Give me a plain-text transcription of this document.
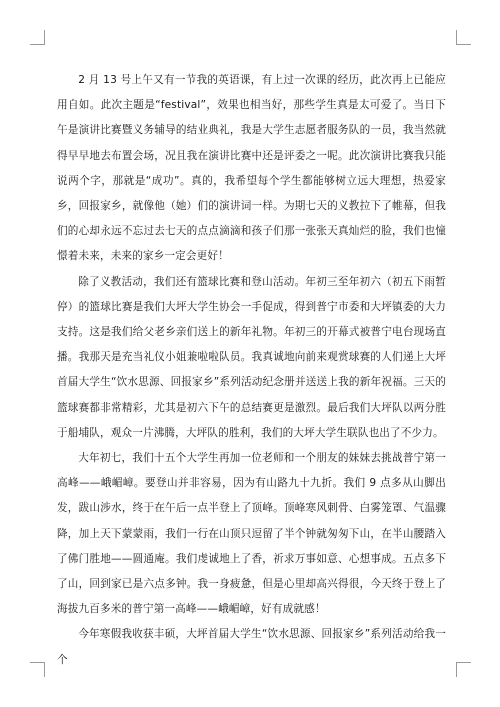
2 月 13 号上午又有一节我的英语课，有上过一次课的经历，此次再上已能应用自如。此次主题是“festival”，效果也相当好，那些学生真是太可爱了。当日下午是演讲比赛暨义务辅导的结业典礼，我是大学生志愿者服务队的一员，我当然就得早早地去布置会场，况且我在演讲比赛中还是评委之一呢。此次演讲比赛我只能说两个字，那就是“成功”。真的，我希望每个学生都能够树立远大理想，热爱家乡，回报家乡，就像他（她）们的演讲词一样。为期七天的义教拉下了帷幕，但我们的心却永远不忘过去七天的点点滴滴和孩子们那一张张天真灿烂的脸，我们也憧憬着未来，未来的家乡一定会更好！

除了义教活动，我们还有篮球比赛和登山活动。年初三至年初六（初五下雨暂停）的篮球比赛是我们大坪大学生协会一手促成，得到普宁市委和大坪镇委的大力支持。这是我们给父老乡亲们送上的新年礼物。年初三的开幕式被普宁电台现场直播。我那天是充当礼仪小姐兼啦啦队员。我真诚地向前来观赏球赛的人们递上大坪首届大学生“饮水思源、回报家乡”系列活动纪念册并送送上我的新年祝福。三天的篮球赛都非常精彩，尤其是初六下午的总结赛更是激烈。最后我们大坪队以两分胜于船埔队，观众一片沸腾，大坪队的胜利，我们的大坪大学生联队也出了不少力。

大年初七，我们十五个大学生再加一位老师和一个朋友的妹妹去挑战普宁第一高峰——峨嵋嶂。要登山并非容易，因为有山路九十九折。我们 9 点多从山脚出发，跋山涉水，终于在午后一点半登上了顶峰。顶峰寒风刺骨、白雾笼罩、气温骤降，加上天下蒙蒙雨，我们一行在山顶只逗留了半个钟就匆匆下山，在半山腰踏入了佛门胜地——圆通庵。我们虔诚地上了香，祈求万事如意、心想事成。五点多下了山，回到家已是六点多钟。我一身疲惫，但是心里却高兴得很，今天终于登上了海拔九百多米的普宁第一高峰——峨嵋嶂，好有成就感！

今年寒假我收获丰硕，大坪首届大学生“饮水思源、回报家乡”系列活动给我一个
